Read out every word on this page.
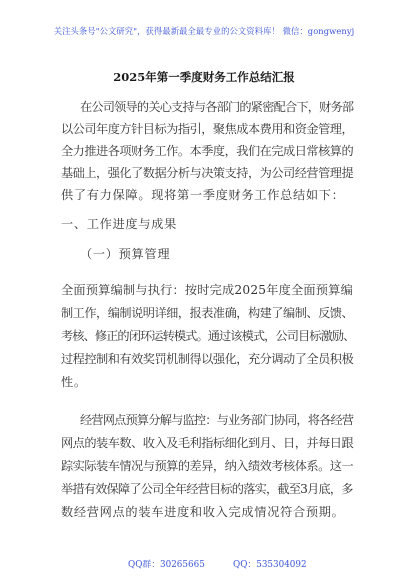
关注头条号"公文研究"，获得最新最全最专业的公文资料库！ 微信：gongwenyj
2025年第一季度财务工作总结汇报
在公司领导的关心支持与各部门的紧密配合下，财务部
以公司年度方针目标为指引，聚焦成本费用和资金管理，
全力推进各项财务工作。本季度，我们在完成日常核算的
基础上，强化了数据分析与决策支持，为公司经营管理提
供了有力保障。现将第一季度财务工作总结如下：
一、工作进度与成果
（一）预算管理
全面预算编制与执行：按时完成2025年度全面预算编
制工作，编制说明详细，报表准确，构建了编制、反馈、
考核、修正的闭环运转模式。通过该模式，公司目标激励、
过程控制和有效奖罚机制得以强化，充分调动了全员积极
性。
经营网点预算分解与监控：与业务部门协同，将各经营
网点的装车数、收入及毛利指标细化到月、日，并每日跟
踪实际装车情况与预算的差异，纳入绩效考核体系。这一
举措有效保障了公司全年经营目标的落实，截至3月底，多
数经营网点的装车进度和收入完成情况符合预期。
QQ群：30265665	QQ：535304092
